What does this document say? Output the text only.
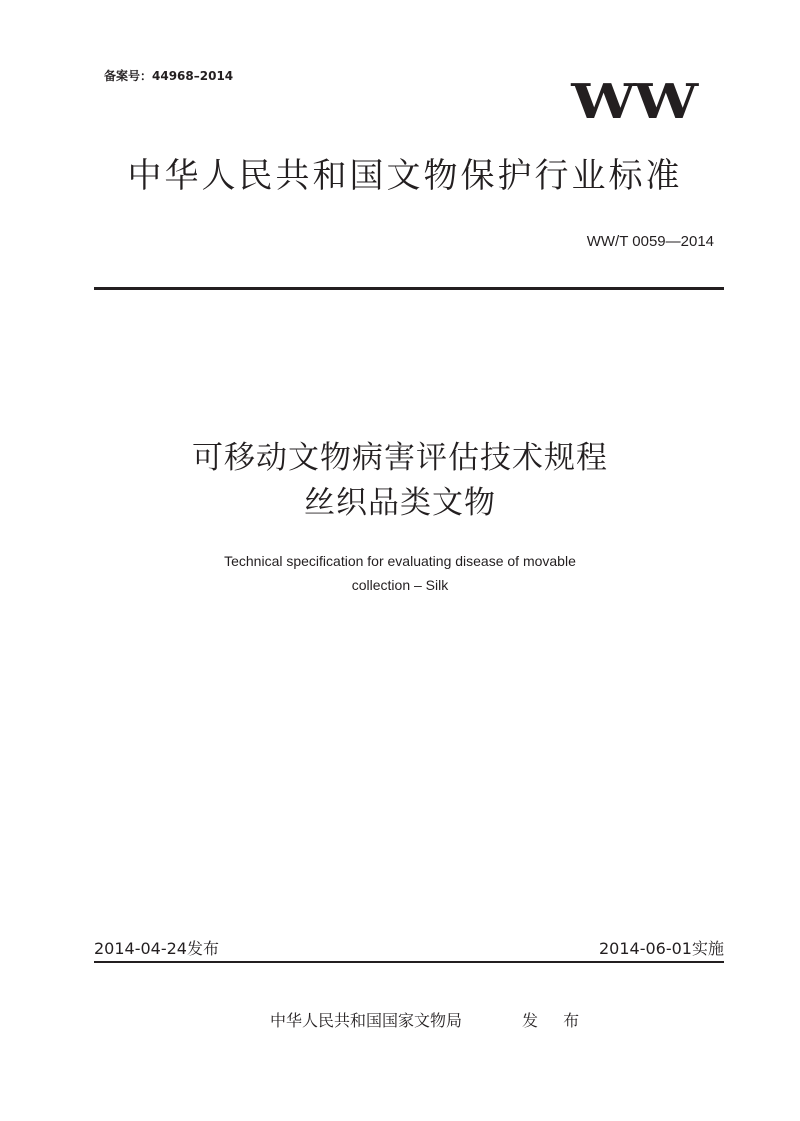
备案号：44968–2014	WW
中华人民共和国文物保护行业标准
WW/T 0059—2014
可移动文物病害评估技术规程
丝织品类文物
Technical specification for evaluating disease of movable
collection – Silk
2014-04-24发布	2014-06-01实施
中华人民共和国国家文物局	发 布
